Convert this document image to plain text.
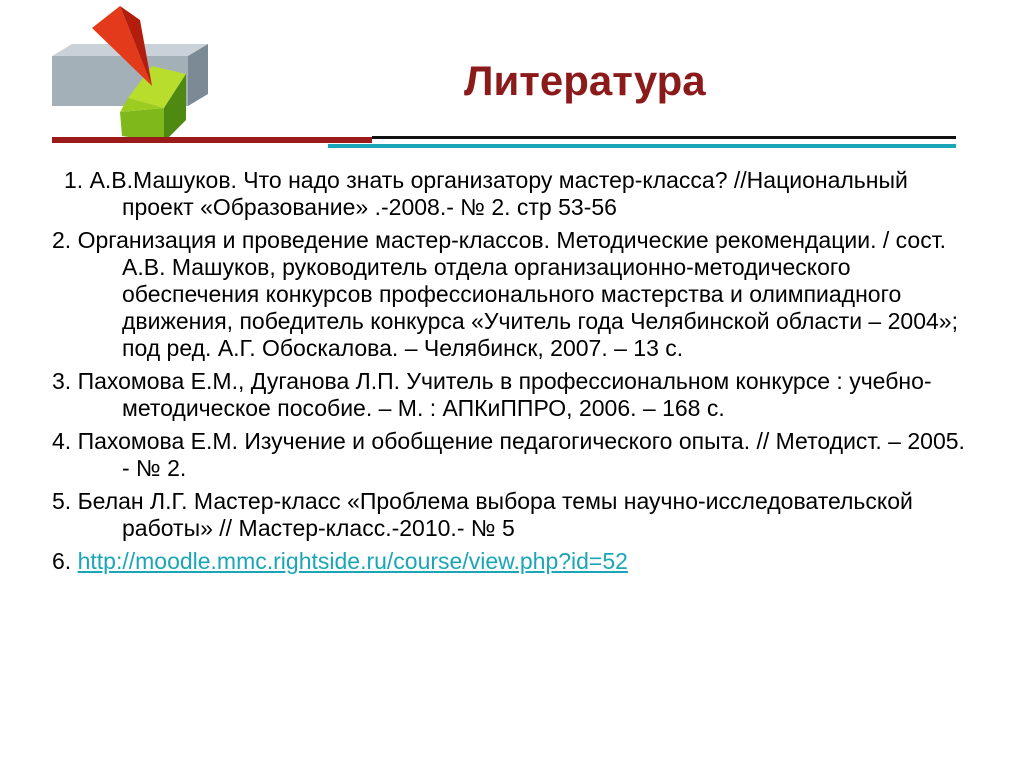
Литература
1. А.В.Машуков. Что надо знать организатору мастер-класса? //Национальный проект «Образование» .-2008.- № 2. стр 53-56
2. Организация и проведение мастер-классов. Методические рекомендации. / сост. А.В. Машуков, руководитель отдела организационно-методического обеспечения конкурсов профессионального мастерства и олимпиадного движения, победитель конкурса «Учитель года Челябинской области – 2004»; под ред. А.Г. Обоскалова. – Челябинск, 2007. – 13 с.
3. Пахомова Е.М., Дуганова Л.П. Учитель в профессиональном конкурсе : учебно-методическое пособие. – М. : АПКиППРО, 2006. – 168 с.
4. Пахомова Е.М. Изучение и обобщение педагогического опыта. // Методист. – 2005. - № 2.
5. Белан Л.Г. Мастер-класс «Проблема выбора темы научно-исследовательской работы» // Мастер-класс.-2010.- № 5
6. http://moodle.mmc.rightside.ru/course/view.php?id=52
